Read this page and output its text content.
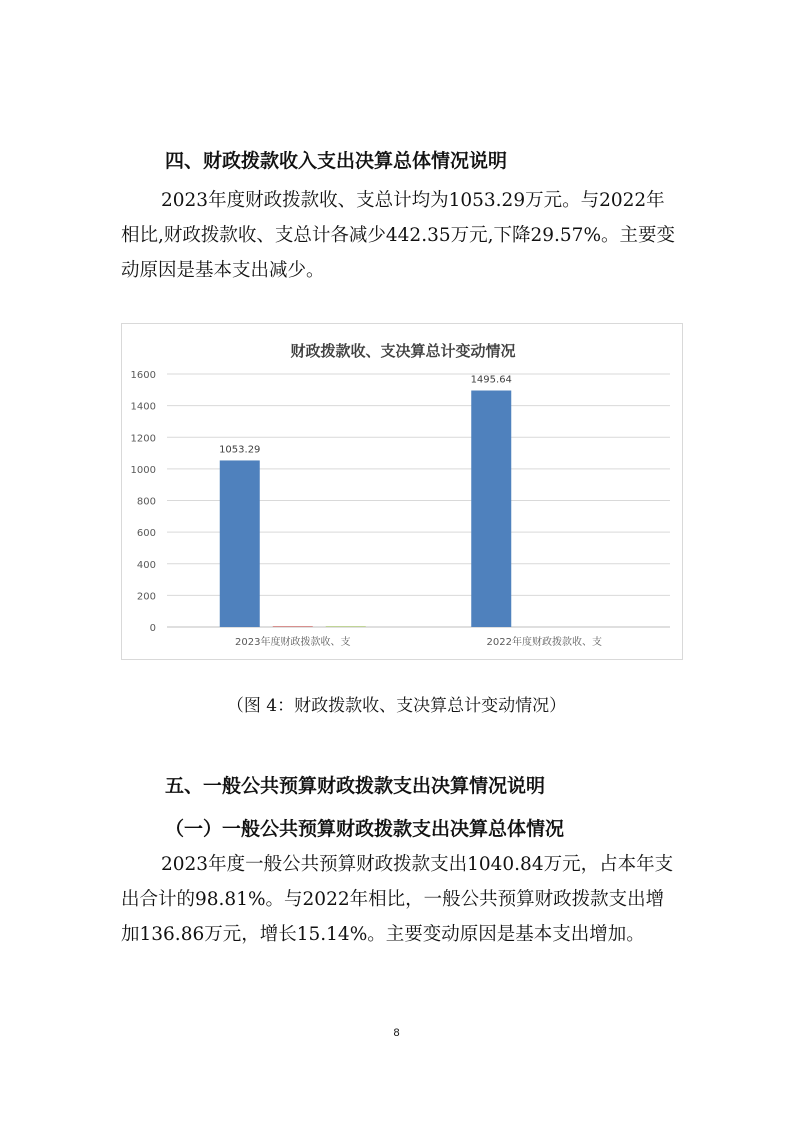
四、财政拨款收入支出决算总体情况说明
2023年度财政拨款收、支总计均为1053.29万元。与2022年相比,财政拨款收、支总计各减少442.35万元,下降29.57%。主要变动原因是基本支出减少。
财政拨款收、支决算总计变动情况
0
200
400
600
800
1000
1200
1400
1600
1053.29
2023年度财政拨款收、支
1495.64
2022年度财政拨款收、支
（图 4：财政拨款收、支决算总计变动情况）
五、一般公共预算财政拨款支出决算情况说明
（一）一般公共预算财政拨款支出决算总体情况
2023年度一般公共预算财政拨款支出1040.84万元，占本年支出合计的98.81%。与2022年相比，一般公共预算财政拨款支出增加136.86万元，增长15.14%。主要变动原因是基本支出增加。
8
